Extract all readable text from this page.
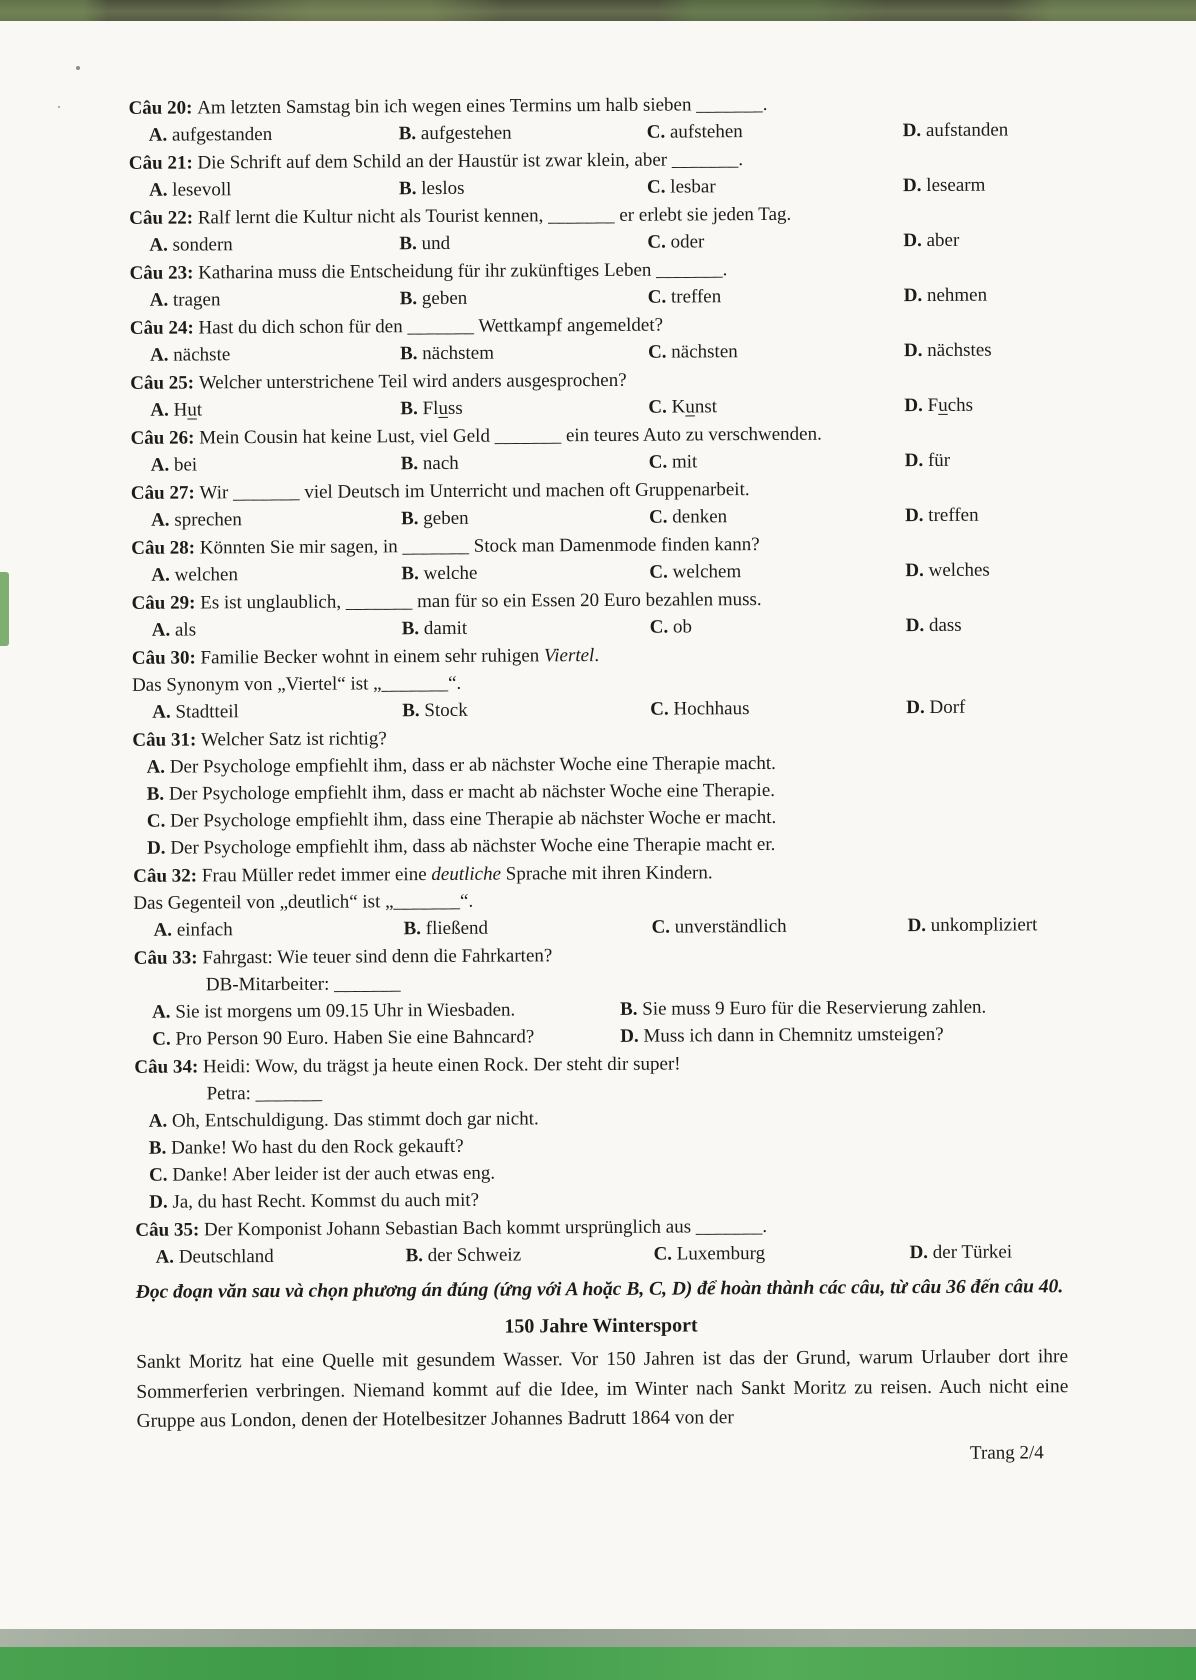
Câu 20: Am letzten Samstag bin ich wegen eines Termins um halb sieben _______.
A. aufgestanden	B. aufgestehen	C. aufstehen	D. aufstanden
Câu 21: Die Schrift auf dem Schild an der Haustür ist zwar klein, aber _______.
A. lesevoll	B. leslos	C. lesbar	D. lesearm
Câu 22: Ralf lernt die Kultur nicht als Tourist kennen, _______ er erlebt sie jeden Tag.
A. sondern	B. und	C. oder	D. aber
Câu 23: Katharina muss die Entscheidung für ihr zukünftiges Leben _______.
A. tragen	B. geben	C. treffen	D. nehmen
Câu 24: Hast du dich schon für den _______ Wettkampf angemeldet?
A. nächste	B. nächstem	C. nächsten	D. nächstes
Câu 25: Welcher unterstrichene Teil wird anders ausgesprochen?
A. Hut	B. Fluss	C. Kunst	D. Fuchs
Câu 26: Mein Cousin hat keine Lust, viel Geld _______ ein teures Auto zu verschwenden.
A. bei	B. nach	C. mit	D. für
Câu 27: Wir _______ viel Deutsch im Unterricht und machen oft Gruppenarbeit.
A. sprechen	B. geben	C. denken	D. treffen
Câu 28: Könnten Sie mir sagen, in _______ Stock man Damenmode finden kann?
A. welchen	B. welche	C. welchem	D. welches
Câu 29: Es ist unglaublich, _______ man für so ein Essen 20 Euro bezahlen muss.
A. als	B. damit	C. ob	D. dass
Câu 30: Familie Becker wohnt in einem sehr ruhigen Viertel.
Das Synonym von „Viertel“ ist „_______“.
A. Stadtteil	B. Stock	C. Hochhaus	D. Dorf
Câu 31: Welcher Satz ist richtig?
A. Der Psychologe empfiehlt ihm, dass er ab nächster Woche eine Therapie macht.
B. Der Psychologe empfiehlt ihm, dass er macht ab nächster Woche eine Therapie.
C. Der Psychologe empfiehlt ihm, dass eine Therapie ab nächster Woche er macht.
D. Der Psychologe empfiehlt ihm, dass ab nächster Woche eine Therapie macht er.
Câu 32: Frau Müller redet immer eine deutliche Sprache mit ihren Kindern.
Das Gegenteil von „deutlich“ ist „_______“.
A. einfach	B. fließend	C. unverständlich	D. unkompliziert
Câu 33: Fahrgast: Wie teuer sind denn die Fahrkarten?
DB-Mitarbeiter: _______
A. Sie ist morgens um 09.15 Uhr in Wiesbaden.	B. Sie muss 9 Euro für die Reservierung zahlen.
C. Pro Person 90 Euro. Haben Sie eine Bahncard?	D. Muss ich dann in Chemnitz umsteigen?
Câu 34: Heidi: Wow, du trägst ja heute einen Rock. Der steht dir super!
Petra: _______
A. Oh, Entschuldigung. Das stimmt doch gar nicht.
B. Danke! Wo hast du den Rock gekauft?
C. Danke! Aber leider ist der auch etwas eng.
D. Ja, du hast Recht. Kommst du auch mit?
Câu 35: Der Komponist Johann Sebastian Bach kommt ursprünglich aus _______.
A. Deutschland	B. der Schweiz	C. Luxemburg	D. der Türkei

Đọc đoạn văn sau và chọn phương án đúng (ứng với A hoặc B, C, D) để hoàn thành các câu, từ câu 36 đến câu 40.

150 Jahre Wintersport

Sankt Moritz hat eine Quelle mit gesundem Wasser. Vor 150 Jahren ist das der Grund, warum Urlauber dort ihre Sommerferien verbringen. Niemand kommt auf die Idee, im Winter nach Sankt Moritz zu reisen. Auch nicht eine Gruppe aus London, denen der Hotelbesitzer Johannes Badrutt 1864 von der

Trang 2/4
